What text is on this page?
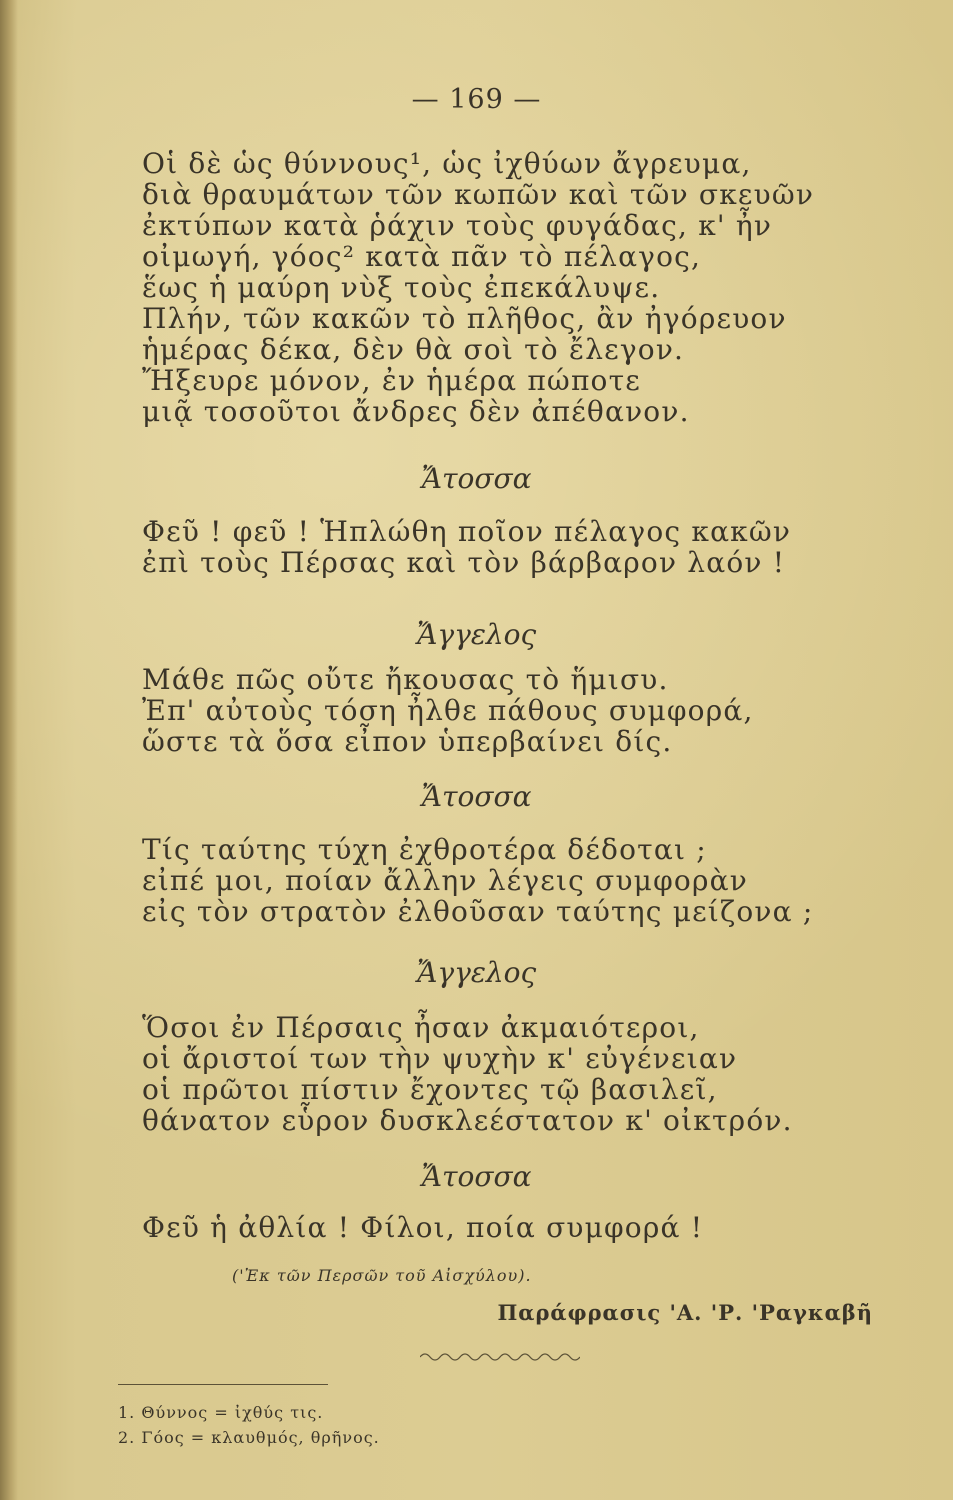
— 169 —
Οἱ δὲ ὡς θύννους¹, ὡς ἰχθύων ἄγρευμα,
διὰ θραυμάτων τῶν κωπῶν καὶ τῶν σκευῶν
ἐκτύπων κατὰ ῥάχιν τοὺς φυγάδας, κ' ἦν
οἰμωγή, γόος² κατὰ πᾶν τὸ πέλαγος,
ἕως ἡ μαύρη νὺξ τοὺς ἐπεκάλυψε.
Πλήν, τῶν κακῶν τὸ πλῆθος, ἂν ἠγόρευον
ἡμέρας δέκα, δὲν θὰ σοὶ τὸ ἔλεγον.
Ἤξευρε μόνον, ἐν ἡμέρα πώποτε
μιᾷ τοσοῦτοι ἄνδρες δὲν ἀπέθανον.
Ἄτοσσα
Φεῦ ! φεῦ ! Ἡπλώθη ποῖον πέλαγος κακῶν
ἐπὶ τοὺς Πέρσας καὶ τὸν βάρβαρον λαόν !
Ἄγγελος
Μάθε πῶς οὔτε ἤκουσας τὸ ἥμισυ.
Ἐπ' αὐτοὺς τόση ἦλθε πάθους συμφορά,
ὥστε τὰ ὅσα εἶπον ὑπερβαίνει δίς.
Ἄτοσσα
Τίς ταύτης τύχη ἐχθροτέρα δέδοται ;
εἰπέ μοι, ποίαν ἄλλην λέγεις συμφορὰν
εἰς τὸν στρατὸν ἐλθοῦσαν ταύτης μείζονα ;
Ἄγγελος
Ὅσοι ἐν Πέρσαις ἦσαν ἀκμαιότεροι,
οἱ ἄριστοί των τὴν ψυχὴν κ' εὐγένειαν
οἱ πρῶτοι πίστιν ἔχοντες τῷ βασιλεῖ,
θάνατον εὗρον δυσκλεέστατον κ' οἰκτρόν.
Ἄτοσσα
Φεῦ ἡ ἀθλία ! Φίλοι, ποία συμφορά !
('Ἐκ τῶν Περσῶν τοῦ Αἰσχύλου).
Παράφρασις 'Α. 'Ρ. 'Ραγκαβῆ
1. Θύννος = ἰχθύς τις.
2. Γόος = κλαυθμός, θρῆνος.
